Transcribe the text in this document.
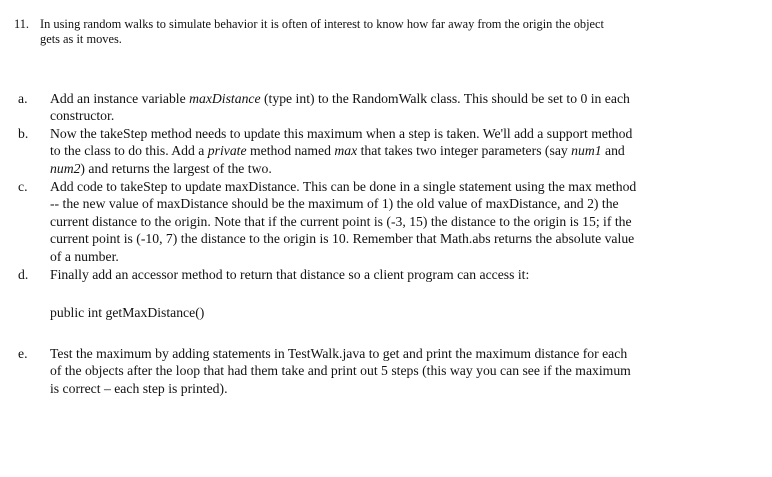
11. In using random walks to simulate behavior it is often of interest to know how far away from the origin the object
gets as it moves.
a.	Add an instance variable maxDistance (type int) to the RandomWalk class. This should be set to 0 in each
constructor.
b.	Now the takeStep method needs to update this maximum when a step is taken. We'll add a support method
to the class to do this. Add a private method named max that takes two integer parameters (say num1 and
num2) and returns the largest of the two.
c.	Add code to takeStep to update maxDistance. This can be done in a single statement using the max method
-- the new value of maxDistance should be the maximum of 1) the old value of maxDistance, and 2) the
current distance to the origin. Note that if the current point is (-3, 15) the distance to the origin is 15; if the
current point is (-10, 7) the distance to the origin is 10. Remember that Math.abs returns the absolute value
of a number.
d.	Finally add an accessor method to return that distance so a client program can access it:
public int getMaxDistance()
e.	Test the maximum by adding statements in TestWalk.java to get and print the maximum distance for each
of the objects after the loop that had them take and print out 5 steps (this way you can see if the maximum
is correct – each step is printed).
